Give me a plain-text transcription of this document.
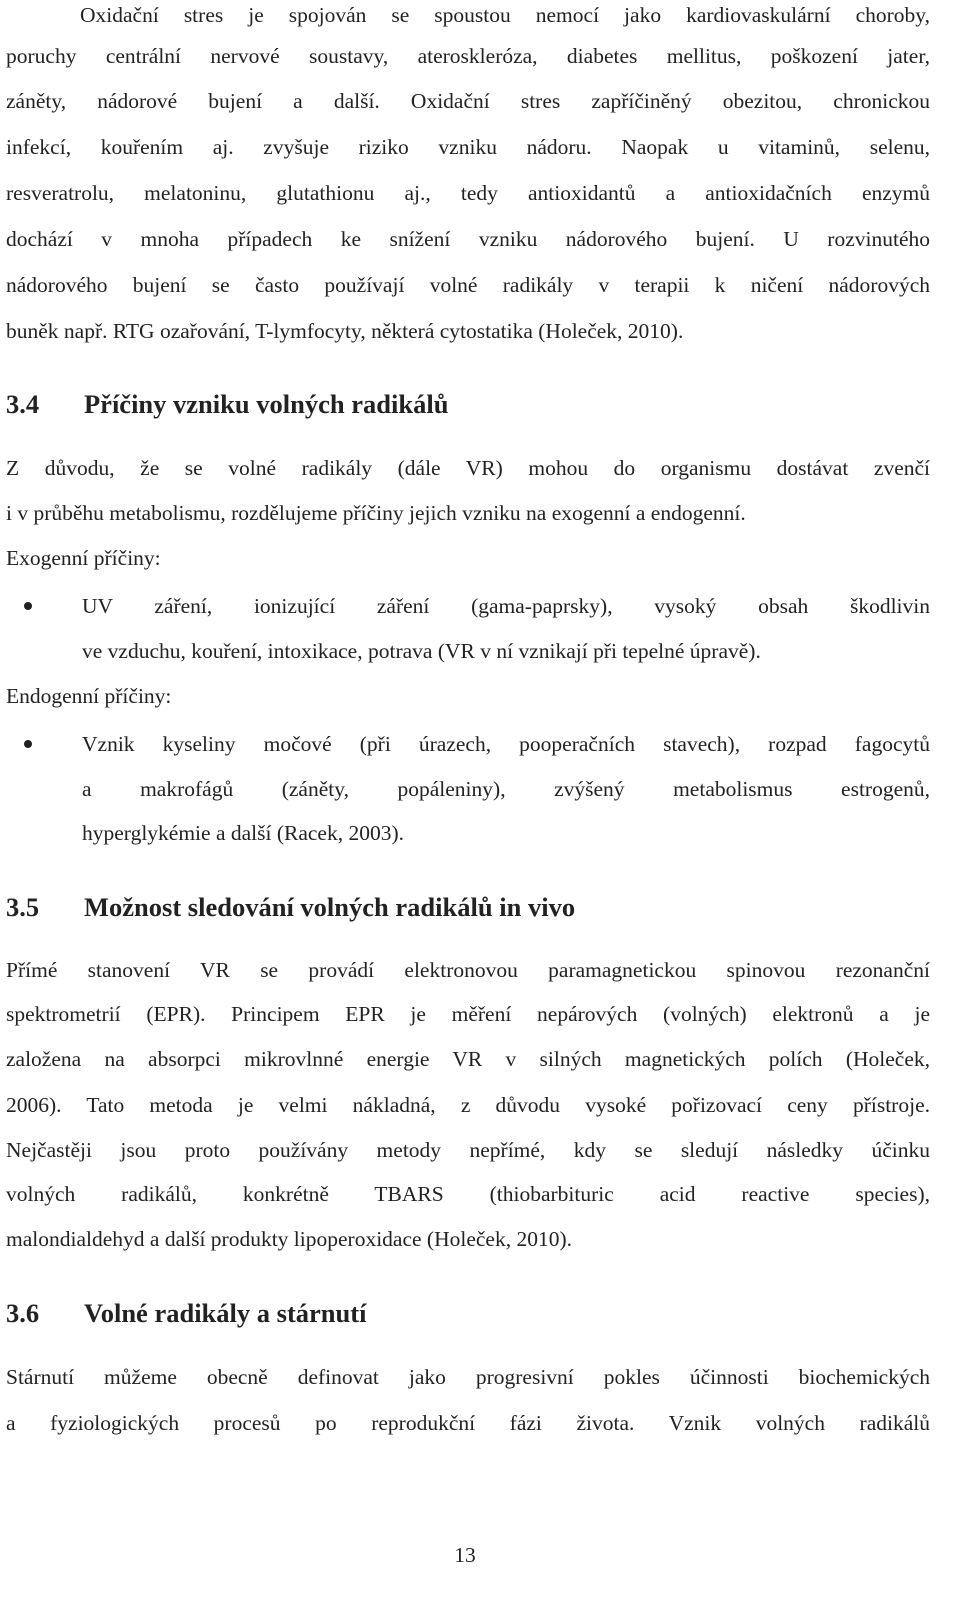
Oxidační stres je spojován se spoustou nemocí jako kardiovaskulární choroby,
poruchy centrální nervové soustavy, ateroskleróza, diabetes mellitus, poškození jater,
záněty, nádorové bujení a další. Oxidační stres zapříčiněný obezitou, chronickou
infekcí, kouřením aj. zvyšuje riziko vzniku nádoru. Naopak u vitaminů, selenu,
resveratrolu, melatoninu, glutathionu aj., tedy antioxidantů a antioxidačních enzymů
dochází v mnoha případech ke snížení vzniku nádorového bujení. U rozvinutého
nádorového bujení se často používají volné radikály v terapii k ničení nádorových
buněk např. RTG ozařování, T-lymfocyty, některá cytostatika (Holeček, 2010).
3.4 Příčiny vzniku volných radikálů
Z důvodu, že se volné radikály (dále VR) mohou do organismu dostávat zvenčí
i v průběhu metabolismu, rozdělujeme příčiny jejich vzniku na exogenní a endogenní.
Exogenní příčiny:
UV záření, ionizující záření (gama-paprsky), vysoký obsah škodlivin
ve vzduchu, kouření, intoxikace, potrava (VR v ní vznikají při tepelné úpravě).
Endogenní příčiny:
Vznik kyseliny močové (při úrazech, pooperačních stavech), rozpad fagocytů
a makrofágů (záněty, popáleniny), zvýšený metabolismus estrogenů,
hyperglykémie a další (Racek, 2003).
3.5 Možnost sledování volných radikálů in vivo
Přímé stanovení VR se provádí elektronovou paramagnetickou spinovou rezonanční
spektrometrií (EPR). Principem EPR je měření nepárových (volných) elektronů a je
založena na absorpci mikrovlnné energie VR v silných magnetických polích (Holeček,
2006). Tato metoda je velmi nákladná, z důvodu vysoké pořizovací ceny přístroje.
Nejčastěji jsou proto používány metody nepřímé, kdy se sledují následky účinku
volných radikálů, konkrétně TBARS (thiobarbituric acid reactive species),
malondialdehyd a další produkty lipoperoxidace (Holeček, 2010).
3.6 Volné radikály a stárnutí
Stárnutí můžeme obecně definovat jako progresivní pokles účinnosti biochemických
a fyziologických procesů po reprodukční fázi života. Vznik volných radikálů
13
